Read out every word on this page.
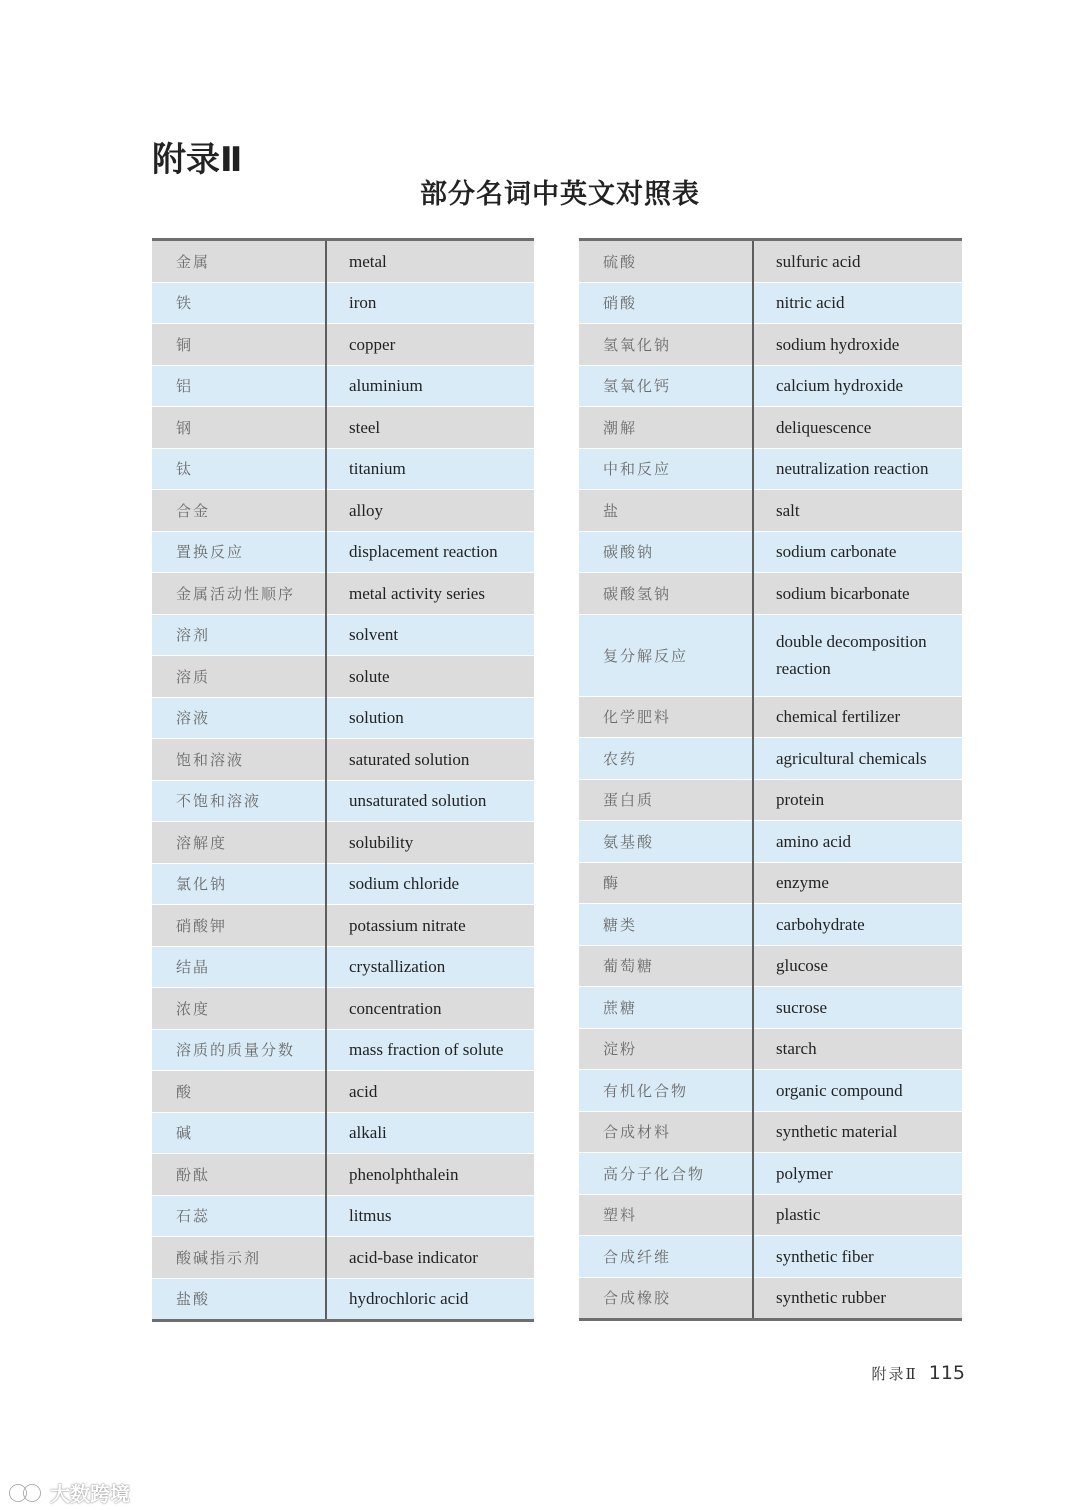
附录Ⅱ
部分名词中英文对照表
金属	metal
铁	iron
铜	copper
铝	aluminium
钢	steel
钛	titanium
合金	alloy
置换反应	displacement reaction
金属活动性顺序	metal activity series
溶剂	solvent
溶质	solute
溶液	solution
饱和溶液	saturated solution
不饱和溶液	unsaturated solution
溶解度	solubility
氯化钠	sodium chloride
硝酸钾	potassium nitrate
结晶	crystallization
浓度	concentration
溶质的质量分数	mass fraction of solute
酸	acid
碱	alkali
酚酞	phenolphthalein
石蕊	litmus
酸碱指示剂	acid-base indicator
盐酸	hydrochloric acid
硫酸	sulfuric acid
硝酸	nitric acid
氢氧化钠	sodium hydroxide
氢氧化钙	calcium hydroxide
潮解	deliquescence
中和反应	neutralization reaction
盐	salt
碳酸钠	sodium carbonate
碳酸氢钠	sodium bicarbonate
复分解反应	double decomposition reaction
化学肥料	chemical fertilizer
农药	agricultural chemicals
蛋白质	protein
氨基酸	amino acid
酶	enzyme
糖类	carbohydrate
葡萄糖	glucose
蔗糖	sucrose
淀粉	starch
有机化合物	organic compound
合成材料	synthetic material
高分子化合物	polymer
塑料	plastic
合成纤维	synthetic fiber
合成橡胶	synthetic rubber
附录Ⅱ 115
大数跨境
